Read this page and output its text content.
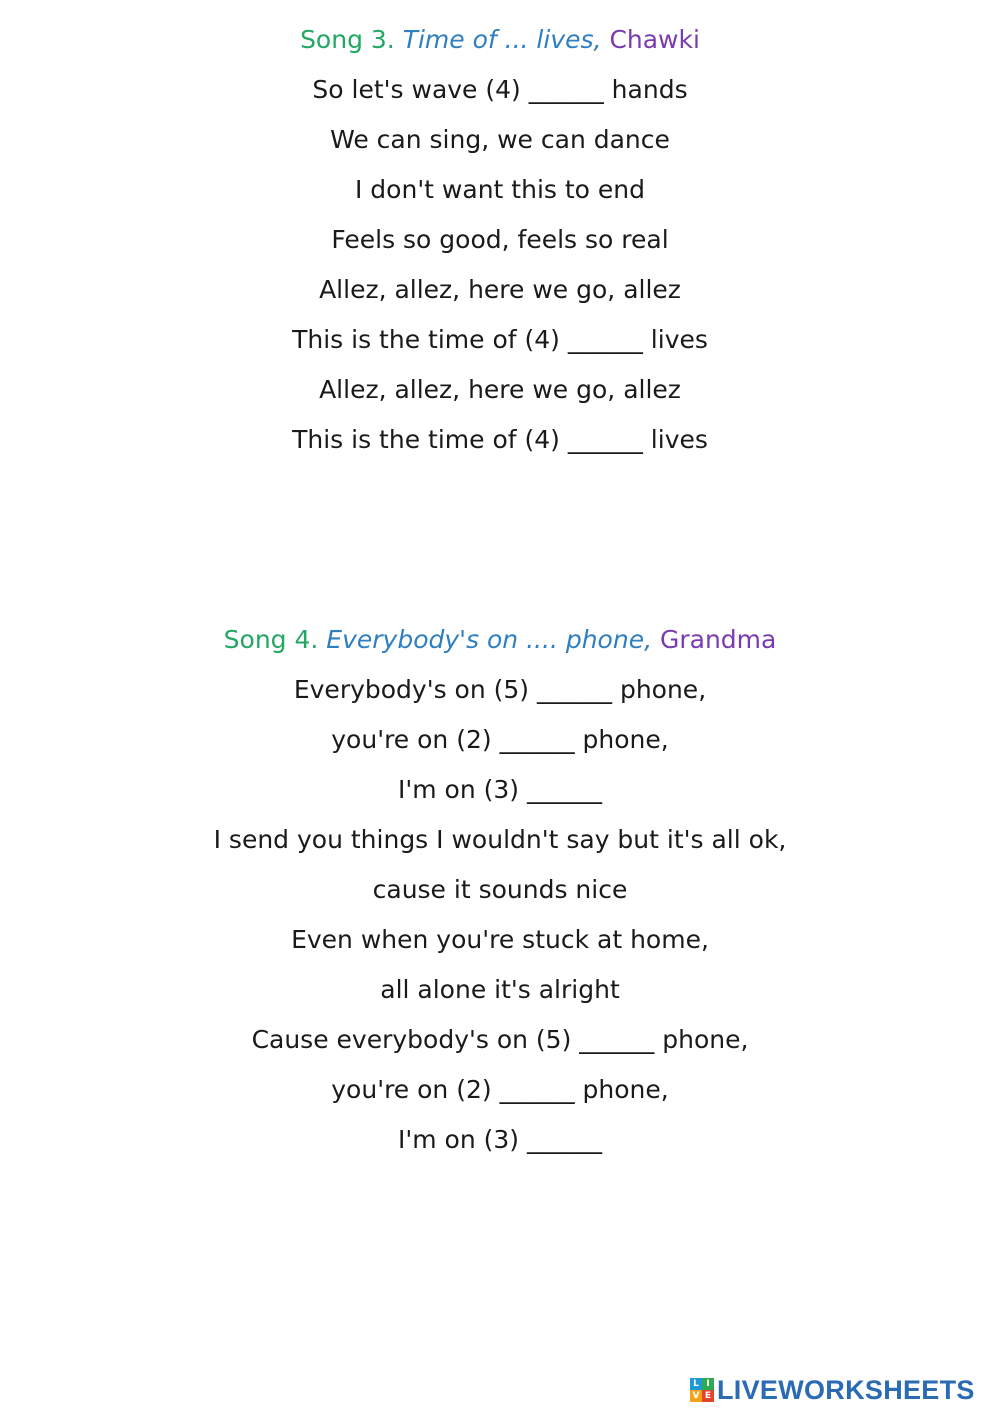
Song 3. Time of ... lives, Chawki
So let's wave (4) ______ hands
We can sing, we can dance
I don't want this to end
Feels so good, feels so real
Allez, allez, here we go, allez
This is the time of (4) ______ lives
Allez, allez, here we go, allez
This is the time of (4) ______ lives
Song 4. Everybody's on .... phone, Grandma
Everybody's on (5) ______ phone,
you're on (2) ______ phone,
I'm on (3) ______
I send you things I wouldn't say but it's all ok,
cause it sounds nice
Even when you're stuck at home,
all alone it's alright
Cause everybody's on (5) ______ phone,
you're on (2) ______ phone,
I'm on (3) ______
L I
V E LIVEWORKSHEETS
